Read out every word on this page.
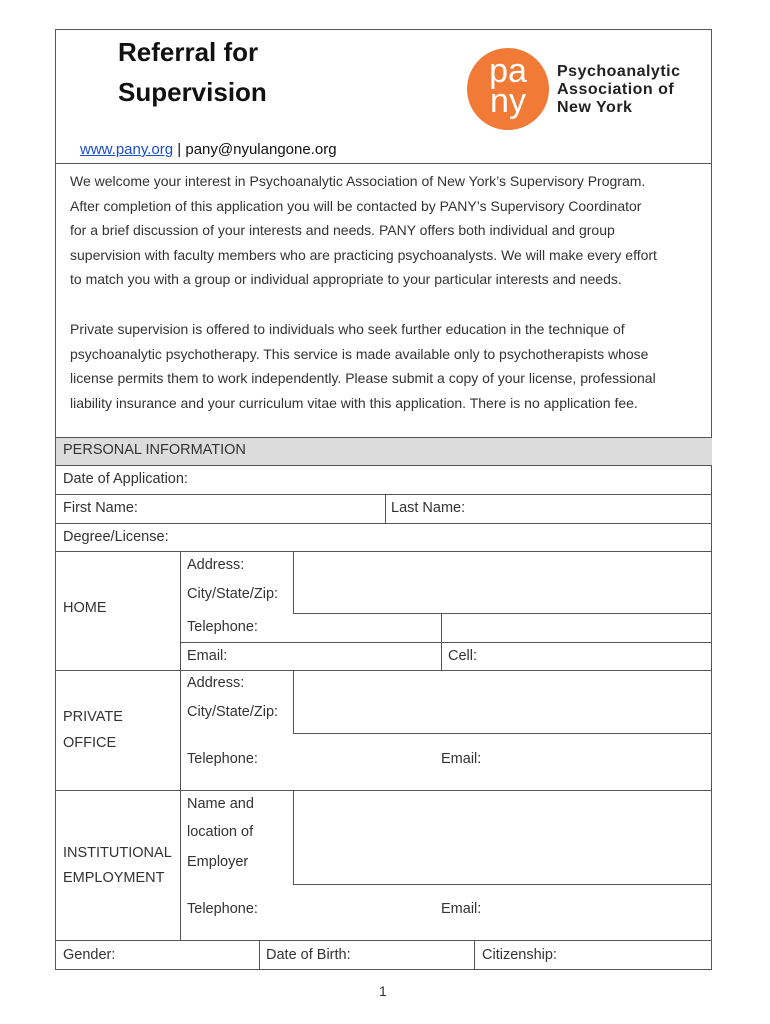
Referral for
Supervision
pa
ny
Psychoanalytic
Association of
New York
www.pany.org | pany@nyulangone.org
We welcome your interest in Psychoanalytic Association of New York’s Supervisory Program.
After completion of this application you will be contacted by PANY’s Supervisory Coordinator
for a brief discussion of your interests and needs. PANY offers both individual and group
supervision with faculty members who are practicing psychoanalysts. We will make every effort
to match you with a group or individual appropriate to your particular interests and needs.
Private supervision is offered to individuals who seek further education in the technique of
psychoanalytic psychotherapy. This service is made available only to psychotherapists whose
license permits them to work independently. Please submit a copy of your license, professional
liability insurance and your curriculum vitae with this application. There is no application fee.
PERSONAL INFORMATION
Date of Application:
First Name:	Last Name:
Degree/License:
HOME
Address:
City/State/Zip:
Telephone:
Email:	Cell:
PRIVATE
OFFICE
Address:
City/State/Zip:
Telephone:	Email:
INSTITUTIONAL
EMPLOYMENT
Name and
location of
Employer
Telephone:	Email:
Gender:	Date of Birth:	Citizenship:
1
